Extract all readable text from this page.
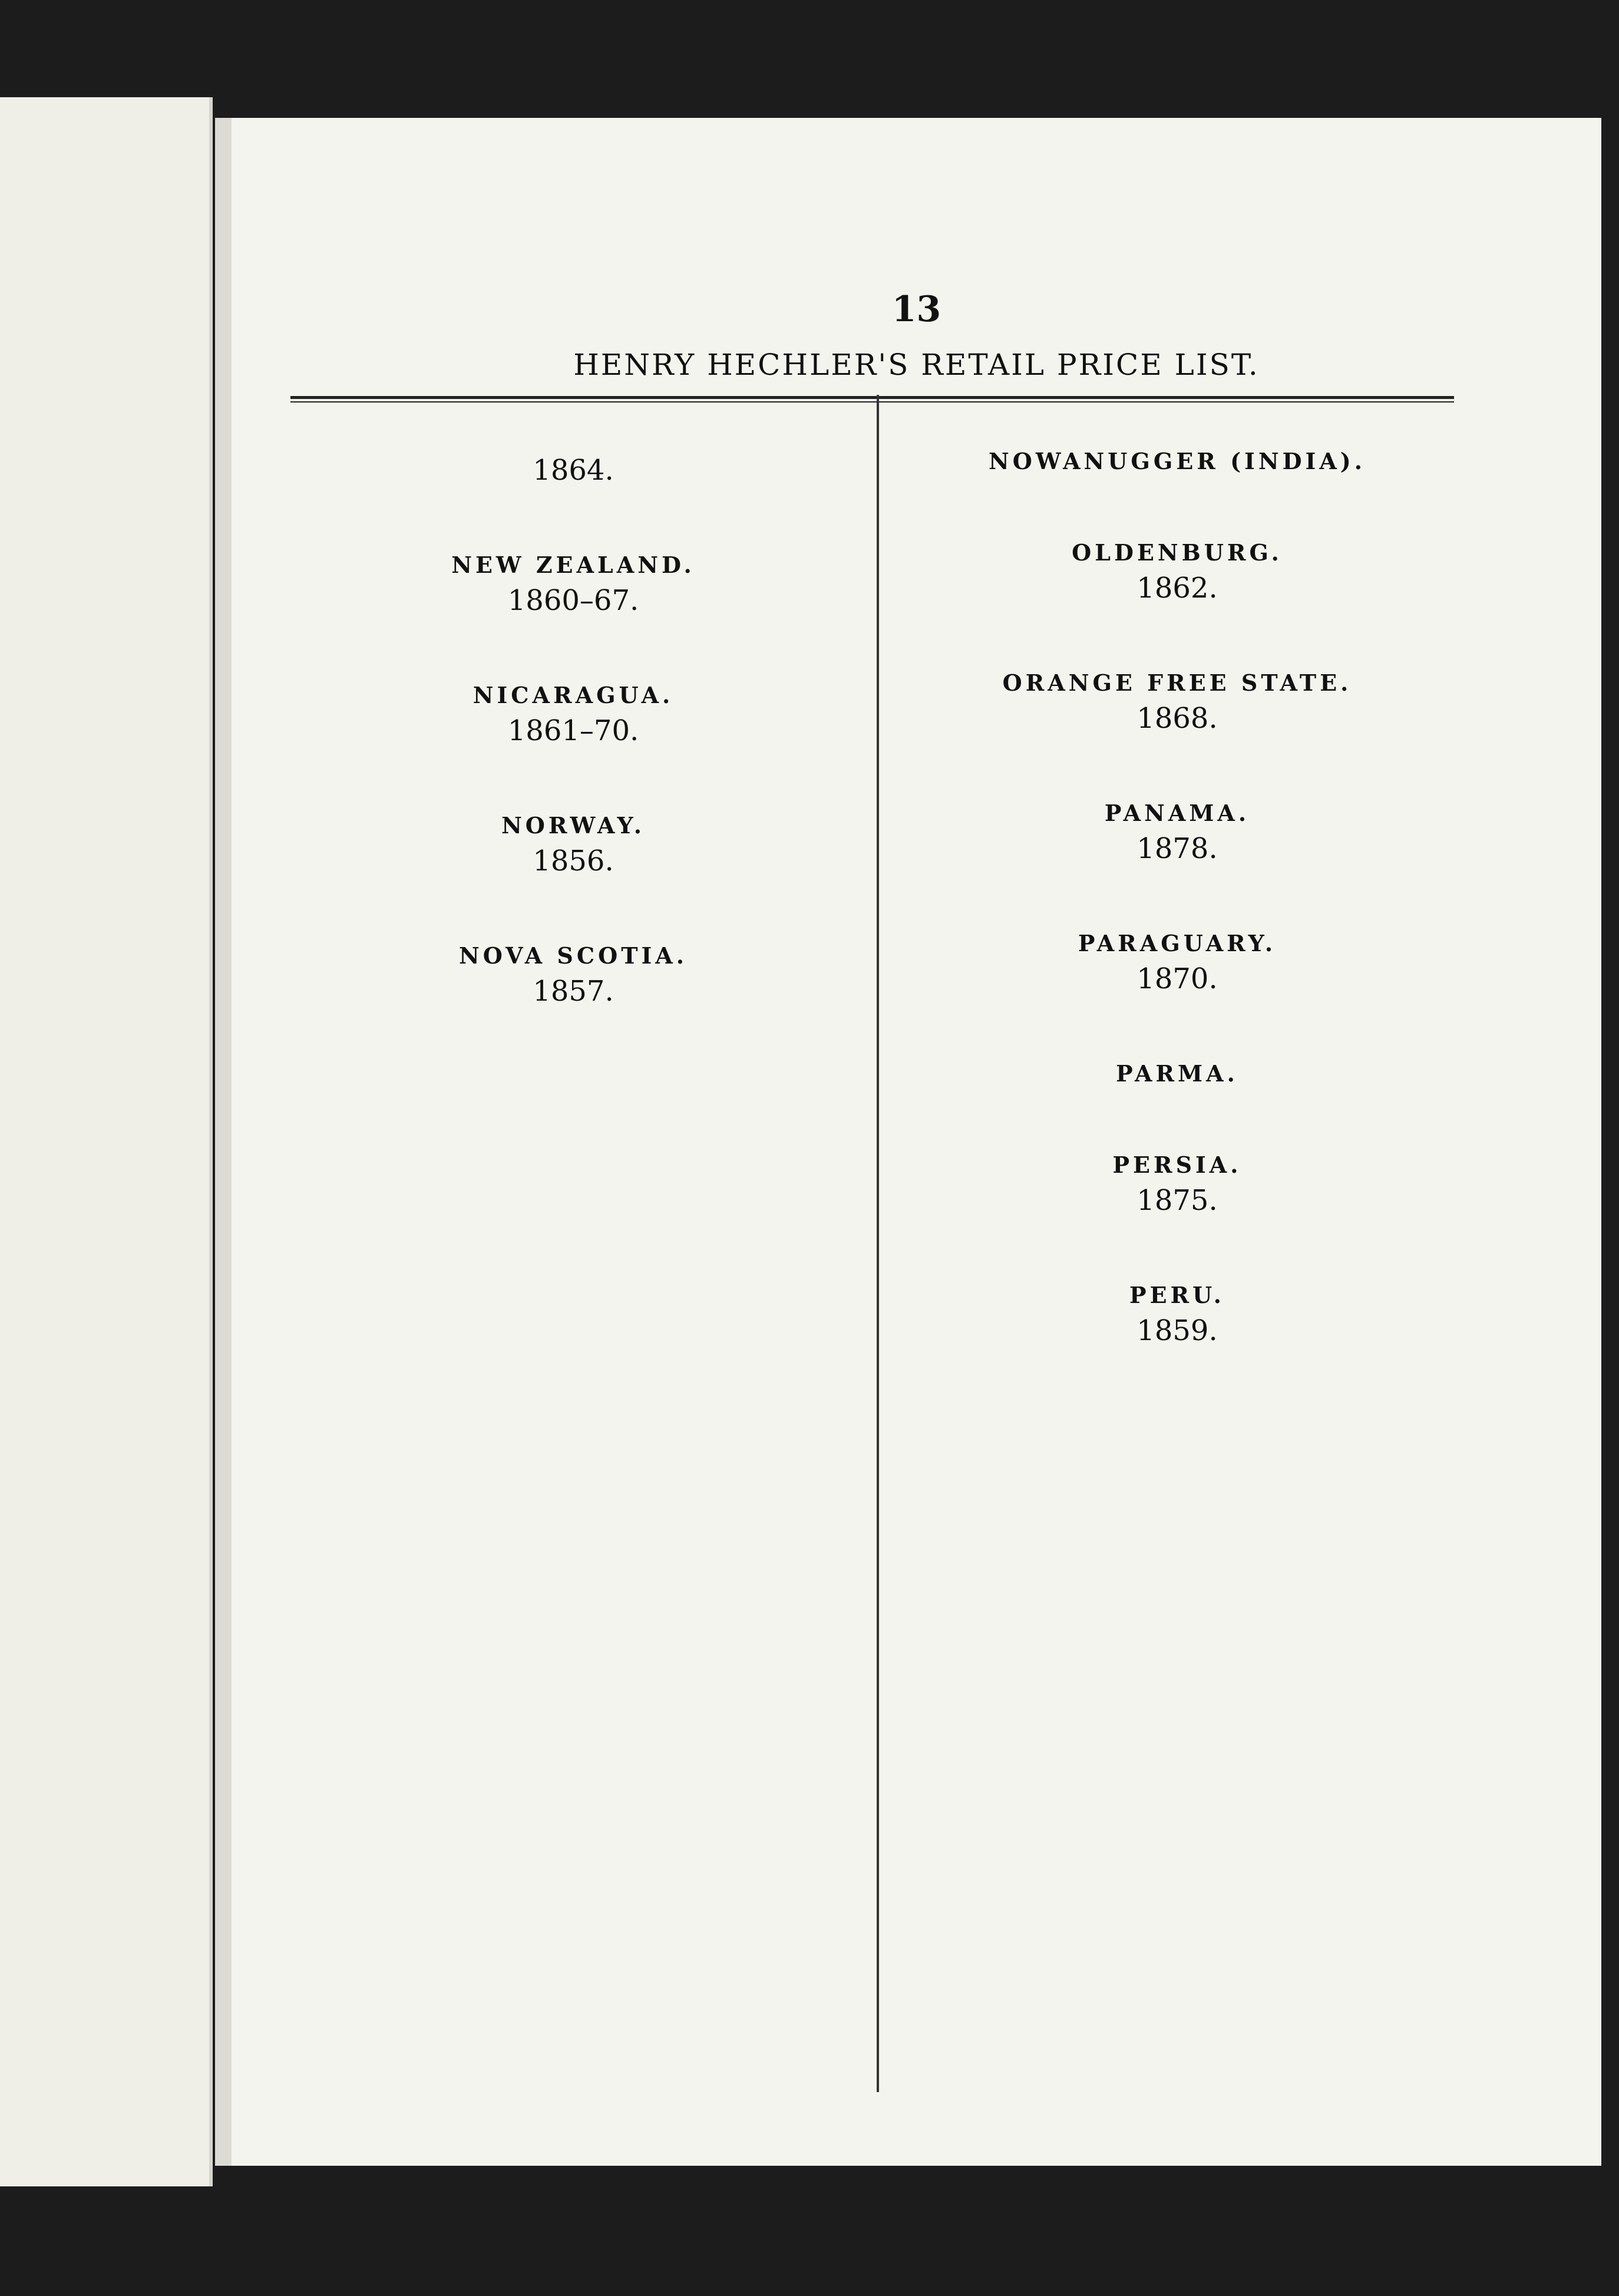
13
HENRY HECHLER'S RETAIL PRICE LIST.
1864.
NEW ZEALAND.
1860–67.
NICARAGUA.
1861–70.
NORWAY.
1856.
NOVA SCOTIA.
1857.
NOWANUGGER (INDIA).
OLDENBURG.
1862.
ORANGE FREE STATE.
1868.
PANAMA.
1878.
PARAGUARY.
1870.
PARMA.
PERSIA.
1875.
PERU.
1859.
